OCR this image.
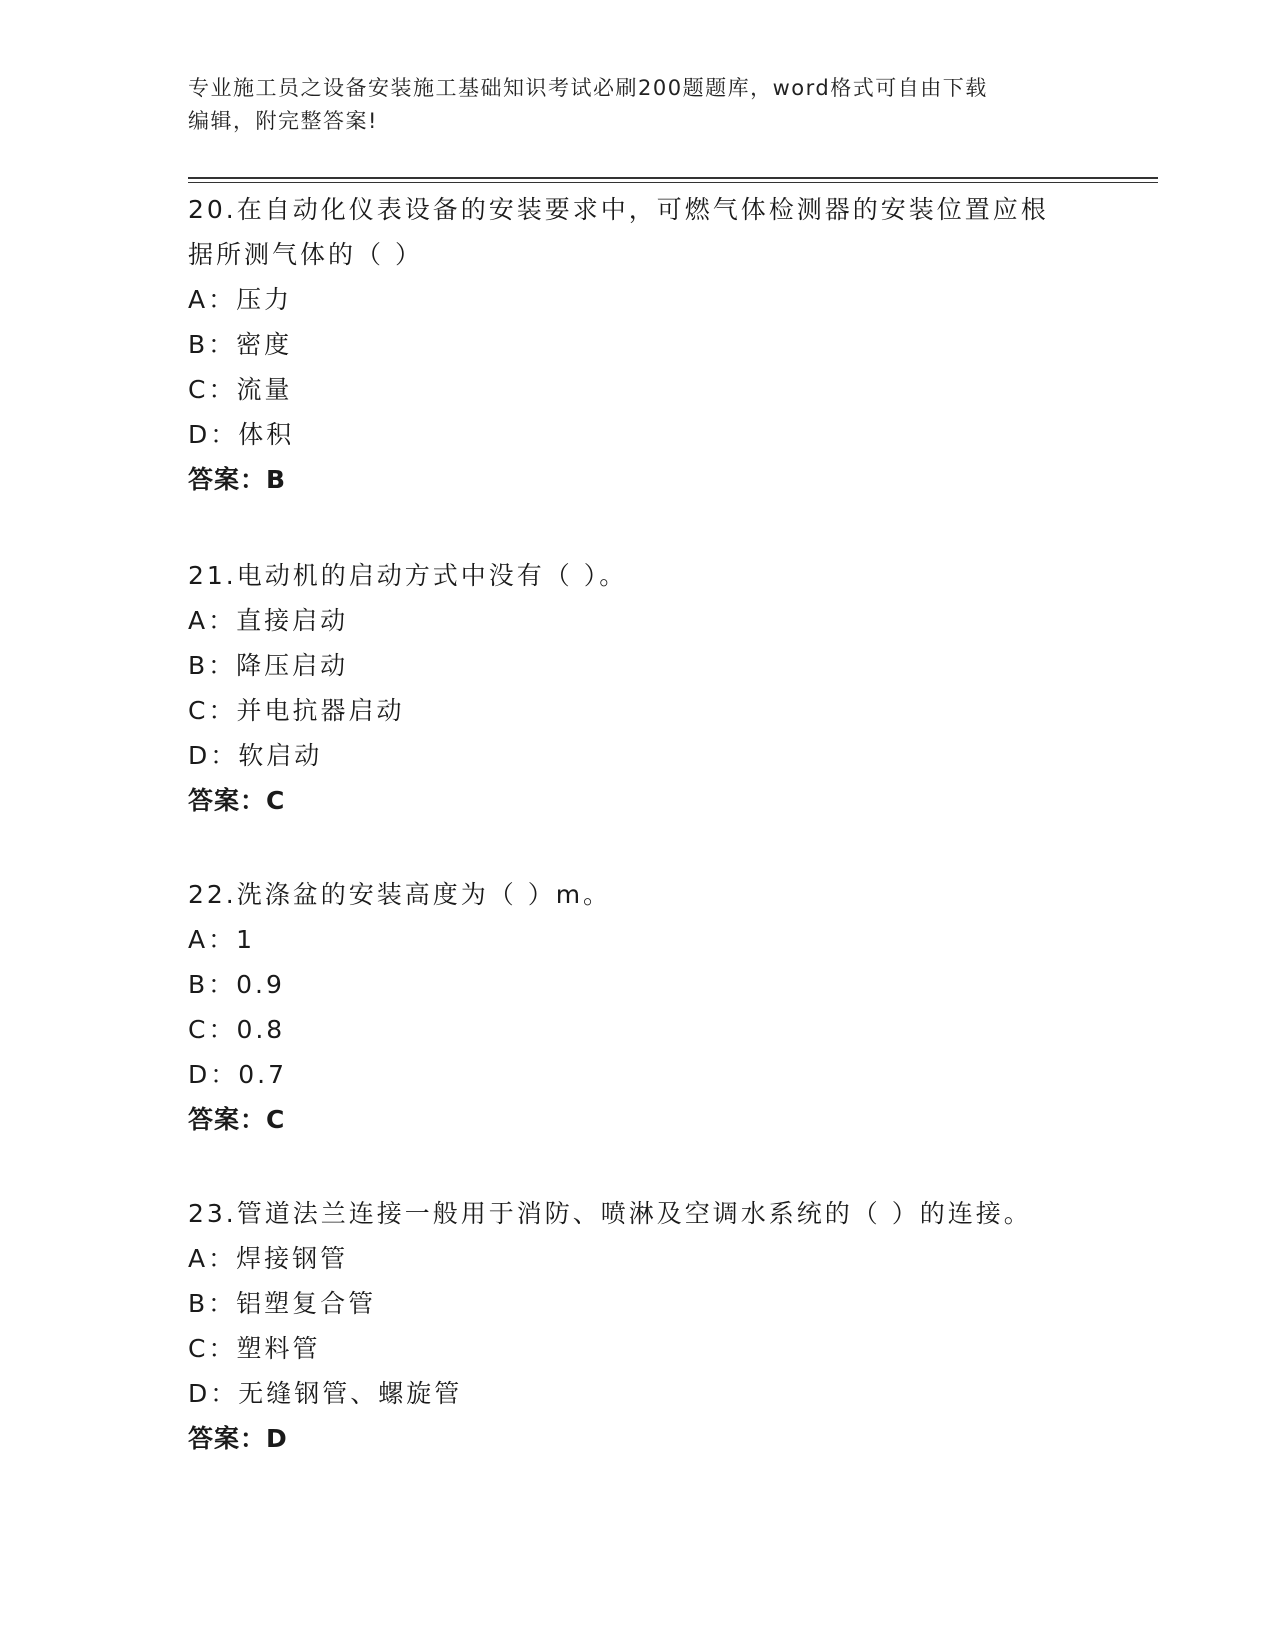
专业施工员之设备安装施工基础知识考试必刷200题题库，word格式可自由下载
编辑，附完整答案!

20.在自动化仪表设备的安装要求中，可燃气体检测器的安装位置应根

据所测气体的（ ）

A：压力

B：密度

C：流量

D：体积

答案：B

21.电动机的启动方式中没有（ ）。

A：直接启动

B：降压启动

C：并电抗器启动

D：软启动

答案：C

22.洗涤盆的安装高度为（ ）m。

A：1

B：0.9

C：0.8

D：0.7

答案：C

23.管道法兰连接一般用于消防、喷淋及空调水系统的（ ）的连接。

A：焊接钢管

B：铝塑复合管

C：塑料管

D：无缝钢管、螺旋管

答案：D
